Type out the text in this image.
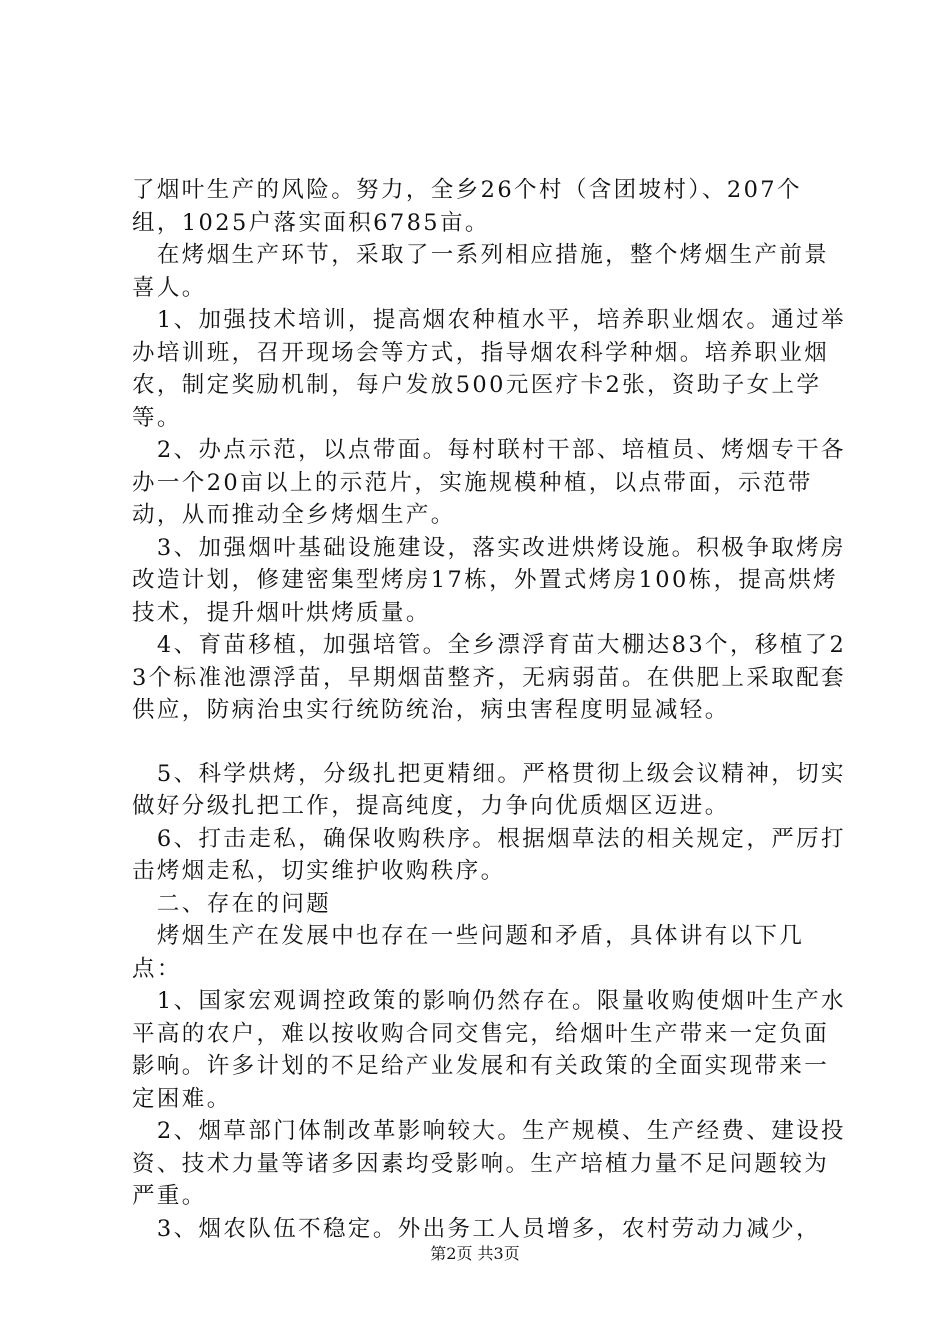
了烟叶生产的风险。努力，全乡26个村（含团坡村）、207个组，1025户落实面积6785亩。

　在烤烟生产环节，采取了一系列相应措施，整个烤烟生产前景喜人。

　1、加强技术培训，提高烟农种植水平，培养职业烟农。通过举办培训班，召开现场会等方式，指导烟农科学种烟。培养职业烟农，制定奖励机制，每户发放500元医疗卡2张，资助子女上学等。

　2、办点示范，以点带面。每村联村干部、培植员、烤烟专干各办一个20亩以上的示范片，实施规模种植，以点带面，示范带动，从而推动全乡烤烟生产。

　3、加强烟叶基础设施建设，落实改进烘烤设施。积极争取烤房改造计划，修建密集型烤房17栋，外置式烤房100栋，提高烘烤技术，提升烟叶烘烤质量。

　4、育苗移植，加强培管。全乡漂浮育苗大棚达83个，移植了23个标准池漂浮苗，早期烟苗整齐，无病弱苗。在供肥上采取配套供应，防病治虫实行统防统治，病虫害程度明显减轻。

　5、科学烘烤，分级扎把更精细。严格贯彻上级会议精神，切实做好分级扎把工作，提高纯度，力争向优质烟区迈进。

　6、打击走私，确保收购秩序。根据烟草法的相关规定，严厉打击烤烟走私，切实维护收购秩序。

　二、存在的问题

　烤烟生产在发展中也存在一些问题和矛盾，具体讲有以下几点：

　1、国家宏观调控政策的影响仍然存在。限量收购使烟叶生产水平高的农户，难以按收购合同交售完，给烟叶生产带来一定负面影响。许多计划的不足给产业发展和有关政策的全面实现带来一定困难。

　2、烟草部门体制改革影响较大。生产规模、生产经费、建设投资、技术力量等诸多因素均受影响。生产培植力量不足问题较为严重。

　3、烟农队伍不稳定。外出务工人员增多，农村劳动力减少，

第2页 共3页
